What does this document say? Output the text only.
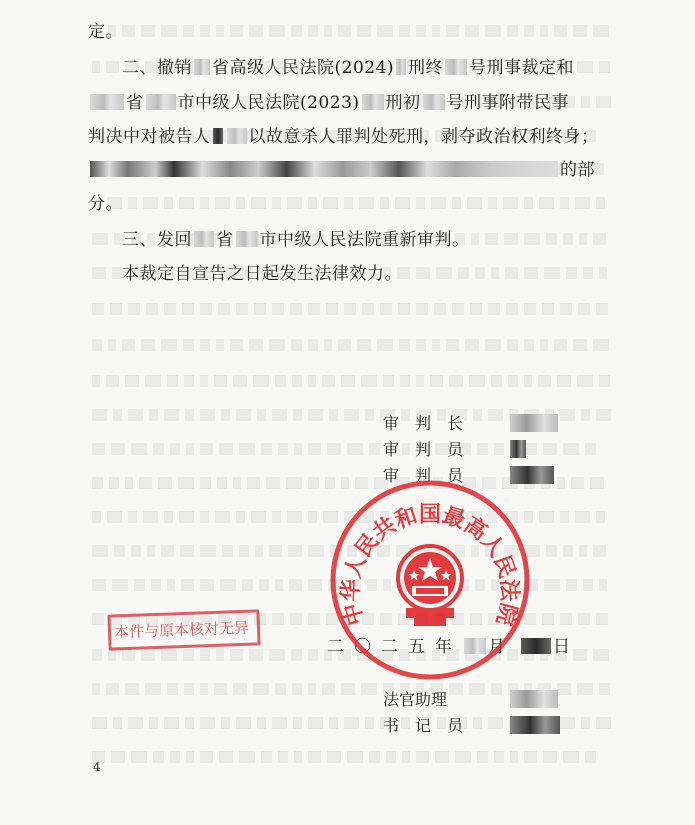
定。
二、撤销 省高级人民法院(2024) 刑终 号刑事裁定和
省 市中级人民法院(2023) 刑初 号刑事附带民事
判决中对被告人 以故意杀人罪判处死刑，剥夺政治权利终身；
的部
分。
三、发回 省 市中级人民法院重新审判。
本裁定自宣告之日起发生法律效力。
审　判　长
审　判　员
审　判　员
二〇二五年 月	日
法官助理
书　记　员
中华人民共和国最高人民法院
本件与原本核对无异
4
